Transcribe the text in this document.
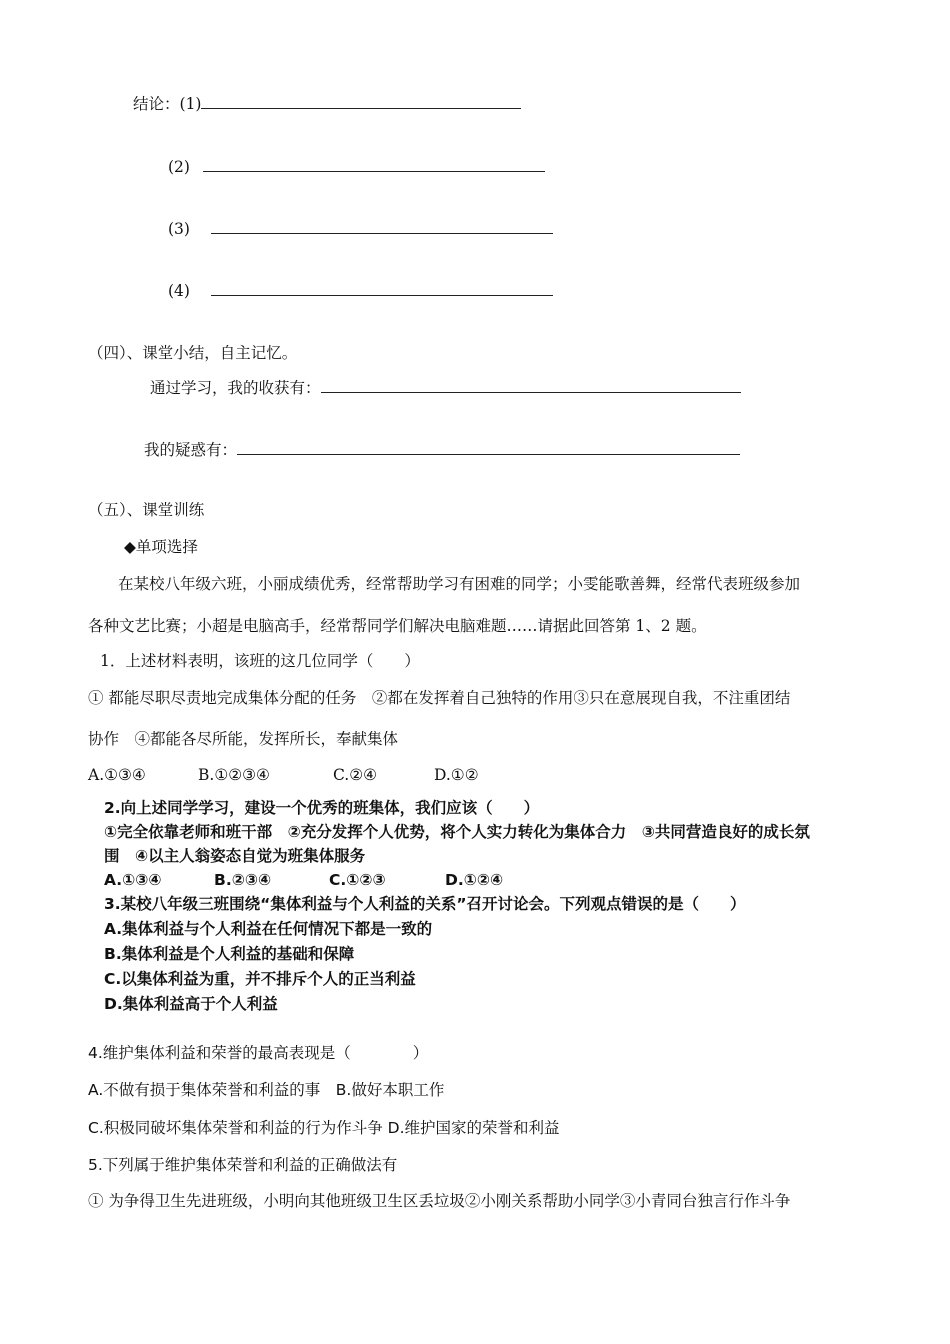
结论：(1)
(2)
(3)
(4)
（四）、课堂小结，自主记忆。
通过学习，我的收获有：
我的疑惑有：
（五）、课堂训练
◆单项选择
在某校八年级六班，小丽成绩优秀，经常帮助学习有困难的同学；小雯能歌善舞，经常代表班级参加
各种文艺比赛；小超是电脑高手，经常帮同学们解决电脑难题……请据此回答第 1、2 题。
1．上述材料表明，该班的这几位同学（　　）
① 都能尽职尽责地完成集体分配的任务　②都在发挥着自己独特的作用③只在意展现自我，不注重团结
协作　④都能各尽所能，发挥所长，奉献集体
A.①③④	B.①②③④	C.②④	D.①②
2.向上述同学学习，建设一个优秀的班集体，我们应该（　　）
①完全依靠老师和班干部　②充分发挥个人优势，将个人实力转化为集体合力　③共同营造良好的成长氛
围　④以主人翁姿态自觉为班集体服务
A.①③④	B.②③④	C.①②③	D.①②④
3.某校八年级三班围绕“集体利益与个人利益的关系”召开讨论会。下列观点错误的是（　　）
A.集体利益与个人利益在任何情况下都是一致的
B.集体利益是个人利益的基础和保障
C.以集体利益为重，并不排斥个人的正当利益
D.集体利益高于个人利益
4.维护集体利益和荣誉的最高表现是（　　　　）
A.不做有损于集体荣誉和利益的事　B.做好本职工作
C.积极同破坏集体荣誉和利益的行为作斗争 D.维护国家的荣誉和利益
5.下列属于维护集体荣誉和利益的正确做法有
① 为争得卫生先进班级，小明向其他班级卫生区丢垃圾②小刚关系帮助小同学③小青同台独言行作斗争
